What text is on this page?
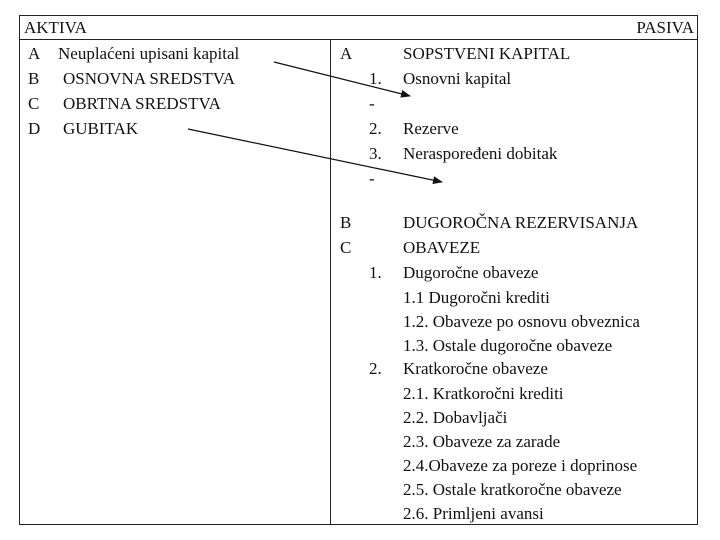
AKTIVA	PASIVA
A Neuplaćeni upisani kapital
B OSNOVNA SREDSTVA
C OBRTNA SREDSTVA
D GUBITAK
A	SOPSTVENI KAPITAL
1. Osnovni kapital
-
2. Rezerve
3. Neraspoređeni dobitak
-
B	DUGOROČNA REZERVISANJA
C	OBAVEZE
1. Dugoročne obaveze
1.1 Dugoročni krediti
1.2. Obaveze po osnovu obveznica
1.3. Ostale dugoročne obaveze
2. Kratkoročne obaveze
2.1. Kratkoročni krediti
2.2. Dobavljači
2.3. Obaveze za zarade
2.4.Obaveze za poreze i doprinose
2.5. Ostale kratkoročne obaveze
2.6. Primljeni avansi
